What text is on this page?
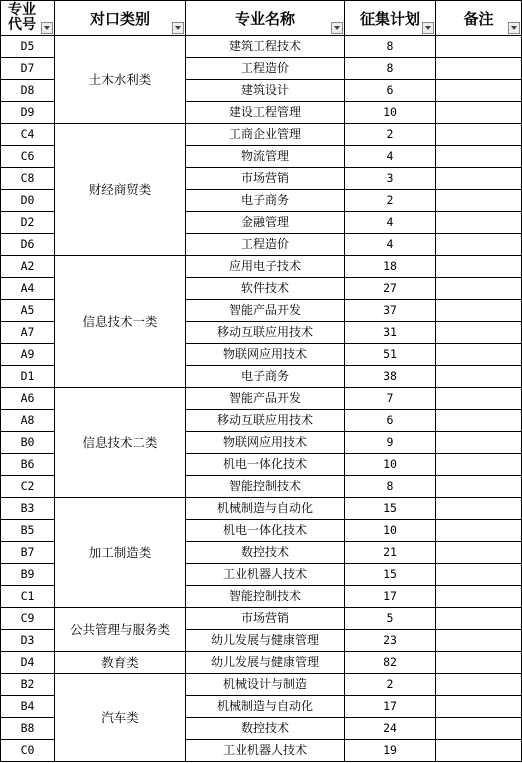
专业代号	对口类别	专业名称	征集计划	备注

D5	土木水利类	建筑工程技术	8	
D7		工程造价	8	
D8		建筑设计	6	
D9		建设工程管理	10	
C4	财经商贸类	工商企业管理	2	
C6		物流管理	4	
C8		市场营销	3	
D0		电子商务	2	
D2		金融管理	4	
D6		工程造价	4	
A2	信息技术一类	应用电子技术	18	
A4		软件技术	27	
A5		智能产品开发	37	
A7		移动互联应用技术	31	
A9		物联网应用技术	51	
D1		电子商务	38	
A6	信息技术二类	智能产品开发	7	
A8		移动互联应用技术	6	
B0		物联网应用技术	9	
B6		机电一体化技术	10	
C2		智能控制技术	8	
B3	加工制造类	机械制造与自动化	15	
B5		机电一体化技术	10	
B7		数控技术	21	
B9		工业机器人技术	15	
C1		智能控制技术	17	
C9	公共管理与服务类	市场营销	5	
D3		幼儿发展与健康管理	23	
D4	教育类	幼儿发展与健康管理	82	
B2	汽车类	机械设计与制造	2	
B4		机械制造与自动化	17	
B8		数控技术	24	
C0		工业机器人技术	19	
